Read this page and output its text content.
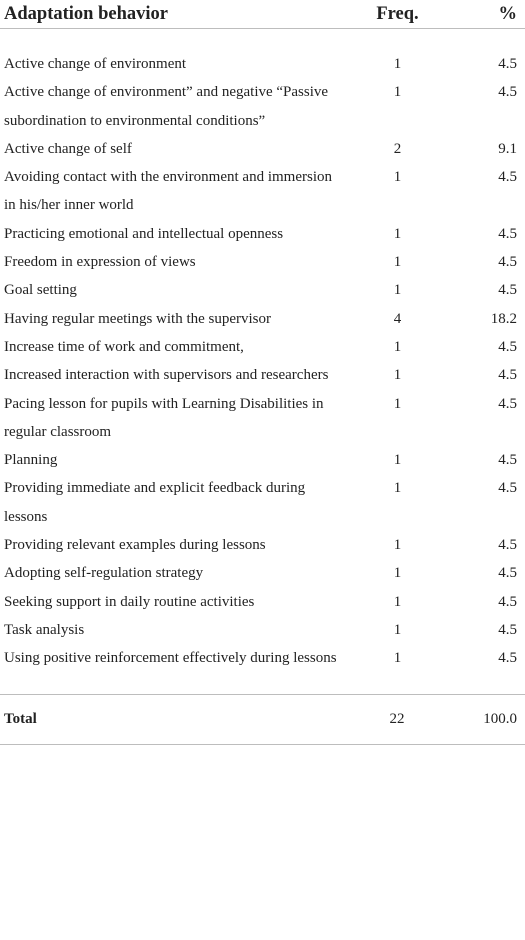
Adaptation behavior	Freq.	%

Active change of environment	1	4.5
Active change of environment” and negative “Passive subordination to environmental conditions”	1	4.5
Active change of self	2	9.1
Avoiding contact with the environment and immersion in his/her inner world	1	4.5
Practicing emotional and intellectual openness	1	4.5
Freedom in expression of views	1	4.5
Goal setting	1	4.5
Having regular meetings with the supervisor	4	18.2
Increase time of work and commitment,	1	4.5
Increased interaction with supervisors and researchers	1	4.5
Pacing lesson for pupils with Learning Disabilities in regular classroom	1	4.5
Planning	1	4.5
Providing immediate and explicit feedback during lessons	1	4.5
Providing relevant examples during lessons	1	4.5
Adopting self-regulation strategy	1	4.5
Seeking support in daily routine activities	1	4.5
Task analysis	1	4.5
Using positive reinforcement effectively during lessons	1	4.5

Total	22	100.0
